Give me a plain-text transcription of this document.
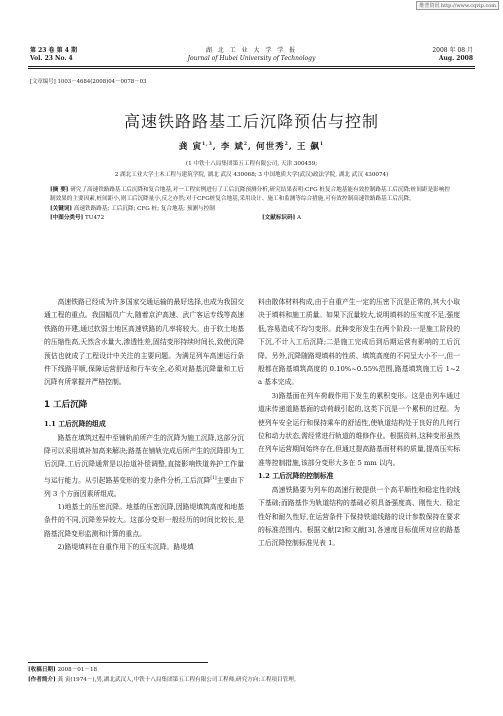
维普资讯 http://www.cqvip.com
第 23 卷 第 4 期
Vol. 23 No. 4
湖 北 工 业 大 学 学 报
Journal of Hubei University of Technology
2008 年 08 月
Aug. 2008
[文章编号] 1003－4684(2008)04－0078－03
高速铁路路基工后沉降预估与控制
龚 寅$^{1,3}$, 李 斌$^2$, 何世秀$^2$, 王 飙$^1$
(1 中铁十八局集团第五工程有限公司, 天津 300459;
2 湖北工业大学土木工程与建筑学院, 湖北 武汉 430068; 3 中国地质大学(武汉)政法学院, 湖北 武汉 430074)
[摘 要] 研究了高速铁路路基工后沉降和复合地基,对一工程实例进行了工后沉降预测分析,研究结果表明:CFG 桩复合地基能有效控制路基工后沉降;桩间距是影响控制效果的主要因素,桩间距小,则工后沉降量小,反之亦然;对于CFG桩复合地基,采用设计、施工和监测等综合措施,可有效控制高速铁路路基工后沉降。
[关键词] 高速铁路路基; 工后沉降; CFG 桩; 复合地基; 预测与控制
[中图分类号] TU472	[文献标识码] A

高速铁路已经成为许多国家交通运输的最好选择,也成为我国交通工程的重点。我国幅员广大,随着京沪高速、武广客运专线等高速铁路的开建,通过软弱土地区高速铁路的几率将较大。由于软土地基的压缩性高,天然含水量大,渗透性差,固结变形持续时间长,致使沉降预估也就成了工程设计中关注的主要问题。为满足列车高速运行条件下线路平顺,保障运营舒适和行车安全,必须对路基沉降量和工后沉降有所掌握并严格控制。

1 工后沉降
1.1 工后沉降的组成

路基在填筑过程中至铺轨前所产生的沉降为施工沉降,这部分沉降可以采用填补加高来解决;路基在铺轨完成后所产生的沉降即为工后沉降,工后沉降通常是以抬道补偿调整,直接影响铁道养护工作量与运行能力。从引起路基变形的变力条件分析,工后沉降[1]主要由下列 3 个方面因素所组成。

1)地基土的压密沉降。地基的压密沉降,因路堤填筑高度和地基条件的不同,沉降差异较大。这部分变形一般经历的时间比较长,是路基沉降变形监测和计算的重点。

2)路堤填料在自重作用下的压实沉降。路堤填

料由散体材料构成,由于自重产生一定的压密下沉是正常的,其大小取决于填料和施工质量。如果下沉量较大,说明填料的压实度不足,强度低,容易造成不均匀变形。此种变形发生在两个阶段:一是施工阶段的下沉,不计入工后沉降;二是施工完成后到后期运营有影响的工后沉降。另外,沉降随路堤填料的性质、填筑高度的不同呈大小不一,但一般都在路基填筑高度的 0.10%~0.55%范围,路基填筑施工后 1~2 a 基本完成。

3)路基面在列车荷载作用下发生的累积变形。这是由列车通过道床传递道路基面的动荷载引起的,这类下沉是一个累积的过程。为使列车安全运行和保持乘车的舒适性,使轨道结构处于良好的几何行位和动力状态,需经常进行轨道的维修作业。根据资料,这种变形虽然在列车运营期间始终存在,但通过提高路基面材料的质量,提高压实标准等控制措施,该部分变形大多在 5 mm 以内。

1.2 工后沉降的控制标准

高速铁路要为列车的高速行驶提供一个高平顺性和稳定性的线下基础;而路基作为轨道结构的基础必须具备强度高、刚性大、稳定性好和耐久性好,在运营条件下保持铁道线路的设计参数保持在要求的标准范围内。根据文献[2]和文献[3],各速度目标值所对应的路基工后沉降控制标准见表 1。

[收稿日期] 2008－01－18
[作者简介] 龚 寅(1974－),男,湖北武汉人,中铁十八局集团第五工程有限公司工程师,研究方向:工程项目管理。
